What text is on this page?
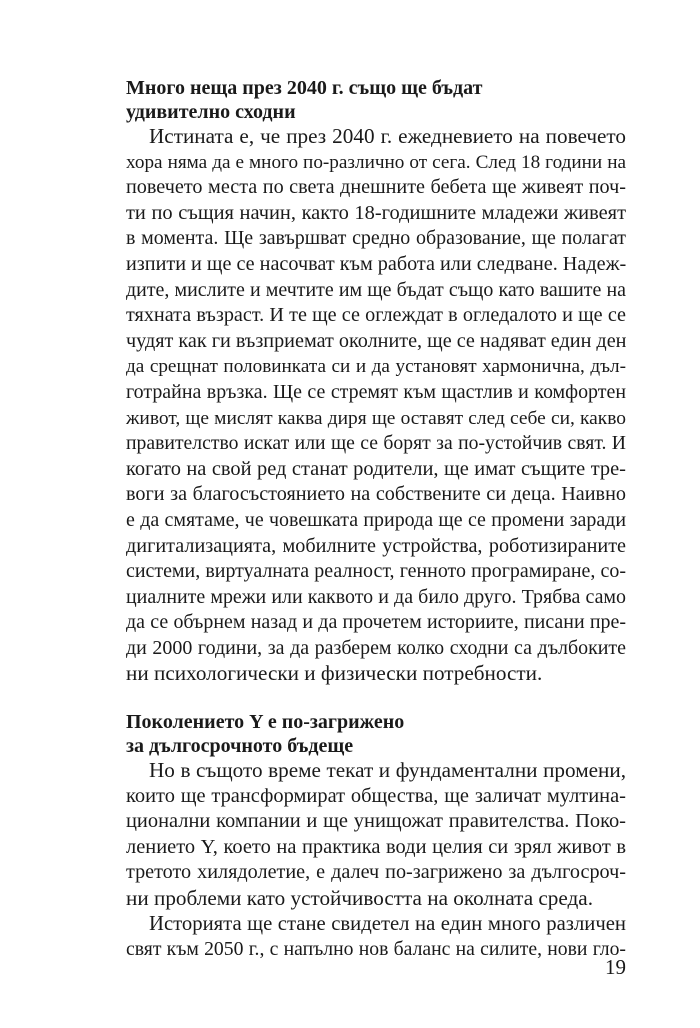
Много неща през 2040 г. също ще бъдат
удивително сходни
Истината е, че през 2040 г. ежедневието на повечето
хора няма да е много по-различно от сега. След 18 години на
повечето места по света днешните бебета ще живеят поч-
ти по същия начин, както 18-годишните младежи живеят
в момента. Ще завършват средно образование, ще полагат
изпити и ще се насочват към работа или следване. Надеж-
дите, мислите и мечтите им ще бъдат също като вашите на
тяхната възраст. И те ще се оглеждат в огледалото и ще се
чудят как ги възприемат околните, ще се надяват един ден
да срещнат половинката си и да установят хармонична, дъл-
готрайна връзка. Ще се стремят към щастлив и комфортен
живот, ще мислят каква диря ще оставят след себе си, какво
правителство искат или ще се борят за по-устойчив свят. И
когато на свой ред станат родители, ще имат същите тре-
воги за благосъстоянието на собствените си деца. Наивно
е да смятаме, че човешката природа ще се промени заради
дигитализацията, мобилните устройства, роботизираните
системи, виртуалната реалност, генното програмиране, со-
циалните мрежи или каквото и да било друго. Трябва само
да се обърнем назад и да прочетем историите, писани пре-
ди 2000 години, за да разберем колко сходни са дълбоките
ни психологически и физически потребности.
Поколението Y е по-загрижено
за дългосрочното бъдеще
Но в същото време текат и фундаментални промени,
които ще трансформират общества, ще заличат мултина-
ционални компании и ще унищожат правителства. Поко-
лението Y, което на практика води целия си зрял живот в
третото хилядолетие, е далеч по-загрижено за дългосроч-
ни проблеми като устойчивостта на околната среда.
Историята ще стане свидетел на един много различен
свят към 2050 г., с напълно нов баланс на силите, нови гло-
19
